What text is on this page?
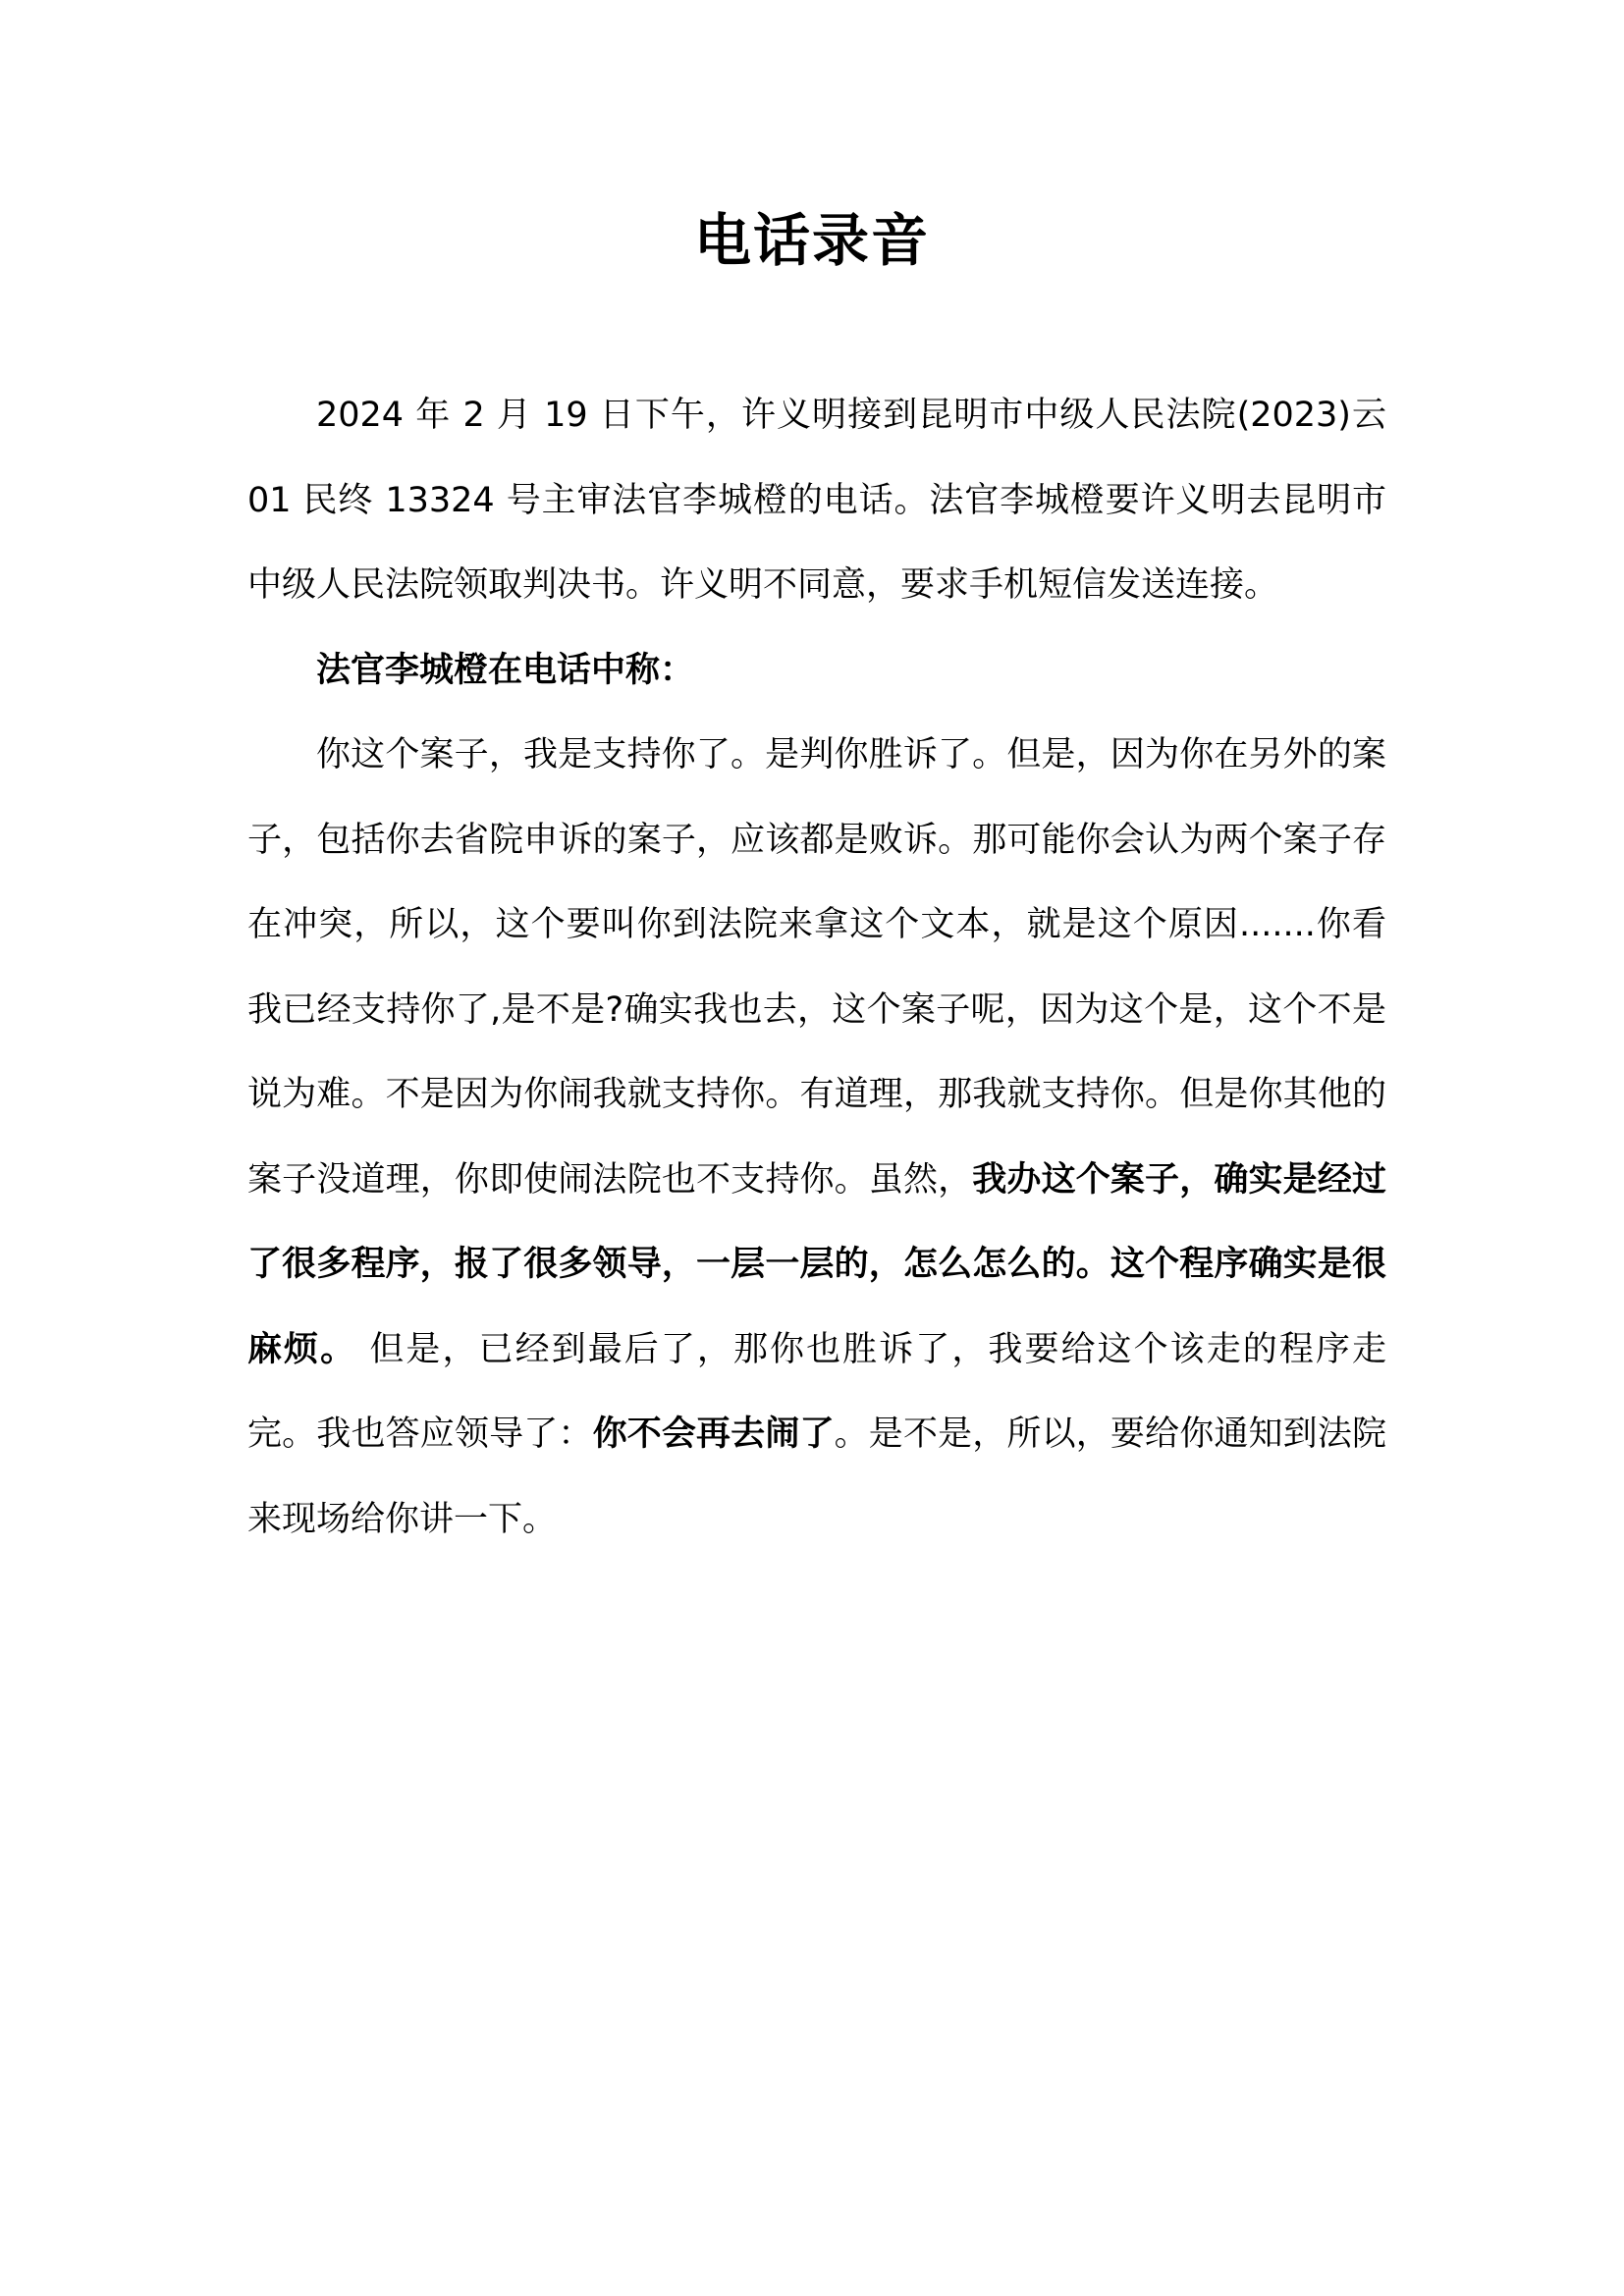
电话录音

2024 年 2 月 19 日下午，许义明接到昆明市中级人民法院(2023)云 01 民终 13324 号主审法官李城橙的电话。法官李城橙要许义明去昆明市中级人民法院领取判决书。许义明不同意，要求手机短信发送连接。

法官李城橙在电话中称：

你这个案子，我是支持你了。是判你胜诉了。但是，因为你在另外的案子，包括你去省院申诉的案子，应该都是败诉。那可能你会认为两个案子存在冲突，所以，这个要叫你到法院来拿这个文本，就是这个原因.......你看我已经支持你了,是不是?确实我也去，这个案子呢，因为这个是，这个不是说为难。不是因为你闹我就支持你。有道理，那我就支持你。但是你其他的案子没道理，你即使闹法院也不支持你。虽然，我办这个案子，确实是经过了很多程序，报了很多领导，一层一层的，怎么怎么的。这个程序确实是很麻烦。 但是，已经到最后了，那你也胜诉了，我要给这个该走的程序走完。我也答应领导了：你不会再去闹了。是不是，所以，要给你通知到法院来现场给你讲一下。
